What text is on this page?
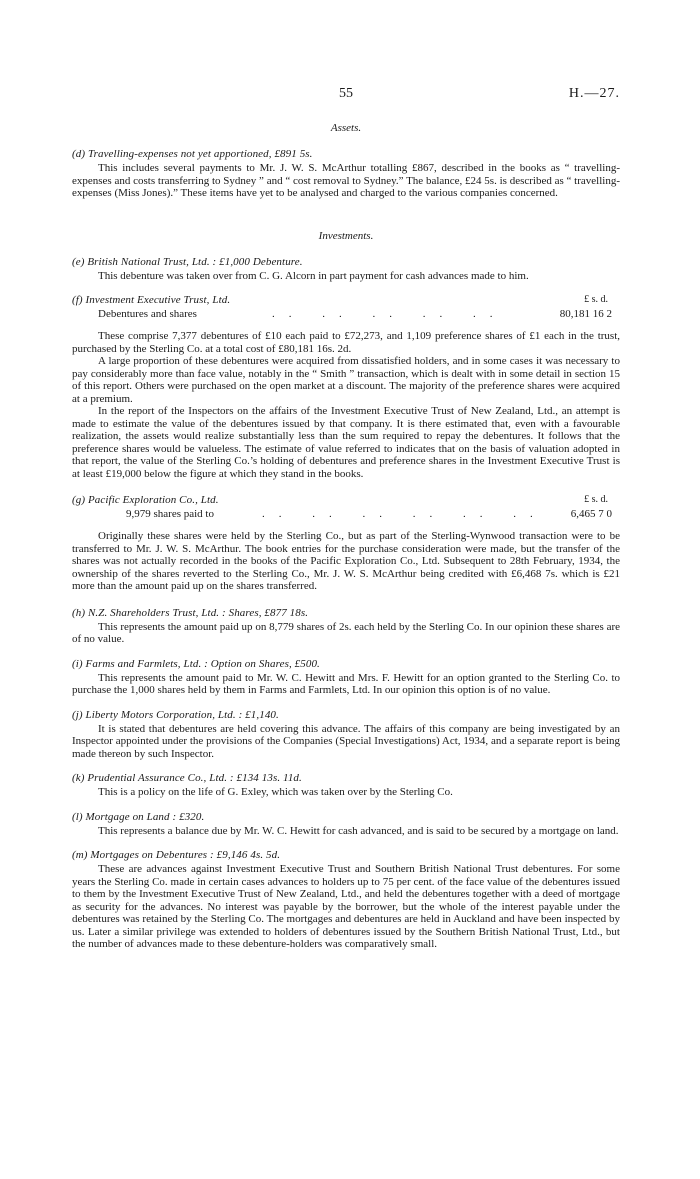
55	H.—27.

Assets.

(d) Travelling-expenses not yet apportioned, £891 5s.

This includes several payments to Mr. J. W. S. McArthur totalling £867, described in the books as “ travelling-expenses and costs transferring to Sydney ” and “ cost removal to Sydney.” The balance, £24 5s. is described as “ travelling-expenses (Miss Jones).” These items have yet to be analysed and charged to the various companies concerned.

Investments.

(e) British National Trust, Ltd. : £1,000 Debenture.

This debenture was taken over from C. G. Alcorn in part payment for cash advances made to him.

(f) Investment Executive Trust, Ltd.	£ s. d.
Debentures and shares	.. .. .. .. ..	80,181 16 2

These comprise 7,377 debentures of £10 each paid to £72,273, and 1,109 preference shares of £1 each in the trust, purchased by the Sterling Co. at a total cost of £80,181 16s. 2d.

A large proportion of these debentures were acquired from dissatisfied holders, and in some cases it was necessary to pay considerably more than face value, notably in the “ Smith ” transaction, which is dealt with in some detail in section 15 of this report. Others were purchased on the open market at a discount. The majority of the preference shares were acquired at a premium.

In the report of the Inspectors on the affairs of the Investment Executive Trust of New Zealand, Ltd., an attempt is made to estimate the value of the debentures issued by that company. It is there estimated that, even with a favourable realization, the assets would realize substantially less than the sum required to repay the debentures. It follows that the preference shares would be valueless. The estimate of value referred to indicates that on the basis of valuation adopted in that report, the value of the Sterling Co.’s holding of debentures and preference shares in the Investment Executive Trust is at least £19,000 below the figure at which they stand in the books.

(g) Pacific Exploration Co., Ltd.	£ s. d.
9,979 shares paid to	.. .. .. .. .. .. 6,465 7 0

Originally these shares were held by the Sterling Co., but as part of the Sterling-Wynwood transaction were to be transferred to Mr. J. W. S. McArthur. The book entries for the purchase consideration were made, but the transfer of the shares was not actually recorded in the books of the Pacific Exploration Co., Ltd. Subsequent to 28th February, 1934, the ownership of the shares reverted to the Sterling Co., Mr. J. W. S. McArthur being credited with £6,468 7s. which is £21 more than the amount paid up on the shares transferred.

(h) N.Z. Shareholders Trust, Ltd. : Shares, £877 18s.

This represents the amount paid up on 8,779 shares of 2s. each held by the Sterling Co. In our opinion these shares are of no value.

(i) Farms and Farmlets, Ltd. : Option on Shares, £500.

This represents the amount paid to Mr. W. C. Hewitt and Mrs. F. Hewitt for an option granted to the Sterling Co. to purchase the 1,000 shares held by them in Farms and Farmlets, Ltd. In our opinion this option is of no value.

(j) Liberty Motors Corporation, Ltd. : £1,140.

It is stated that debentures are held covering this advance. The affairs of this company are being investigated by an Inspector appointed under the provisions of the Companies (Special Investigations) Act, 1934, and a separate report is being made thereon by such Inspector.

(k) Prudential Assurance Co., Ltd. : £134 13s. 11d.

This is a policy on the life of G. Exley, which was taken over by the Sterling Co.

(l) Mortgage on Land : £320.

This represents a balance due by Mr. W. C. Hewitt for cash advanced, and is said to be secured by a mortgage on land.

(m) Mortgages on Debentures : £9,146 4s. 5d.

These are advances against Investment Executive Trust and Southern British National Trust debentures. For some years the Sterling Co. made in certain cases advances to holders up to 75 per cent. of the face value of the debentures issued to them by the Investment Executive Trust of New Zealand, Ltd., and held the debentures together with a deed of mortgage as security for the advances. No interest was payable by the borrower, but the whole of the interest payable under the debentures was retained by the Sterling Co. The mortgages and debentures are held in Auckland and have been inspected by us. Later a similar privilege was extended to holders of debentures issued by the Southern British National Trust, Ltd., but the number of advances made to these debenture-holders was comparatively small.
